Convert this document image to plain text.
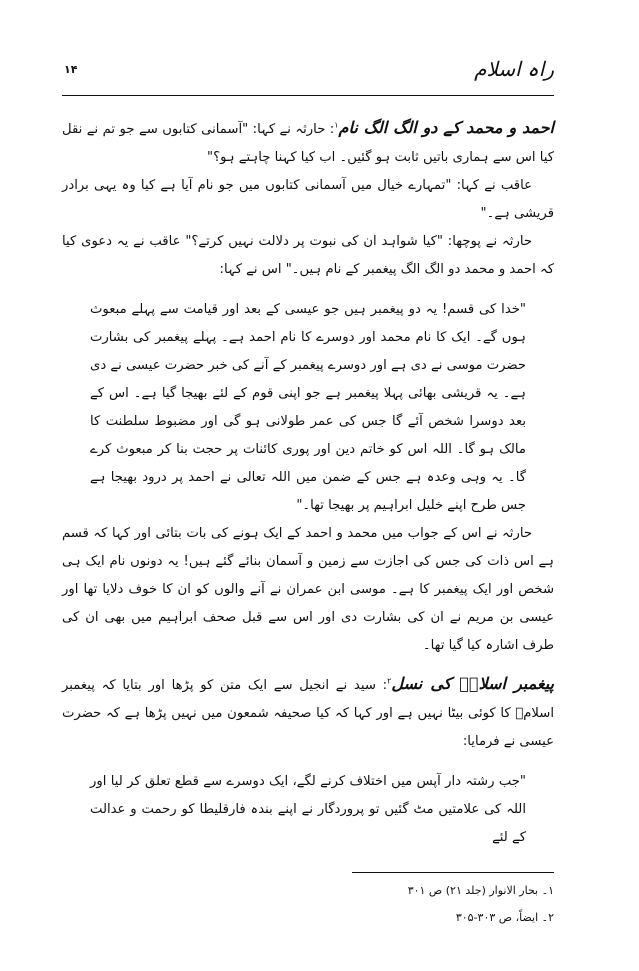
راہ اسلام
۱۴

احمد و محمد کے دو الگ الگ نام$^۱$: حارثہ نے کہا: "آسمانی کتابوں سے جو تم نے نقل کیا اس سے ہماری باتیں ثابت ہو گئیں۔ اب کیا کہنا چاہتے ہو؟"

عاقب نے کہا: "تمہارے خیال میں آسمانی کتابوں میں جو نام آیا ہے کیا وہ یہی برادر قریشی ہے۔"

حارثہ نے پوچھا: "کیا شواہد ان کی نبوت پر دلالت نہیں کرتے؟" عاقب نے یہ دعوی کیا کہ احمد و محمد دو الگ الگ پیغمبر کے نام ہیں۔" اس نے کہا:

"خدا کی قسم! یہ دو پیغمبر ہیں جو عیسی کے بعد اور قیامت سے پہلے مبعوث ہوں گے۔ ایک کا نام محمد اور دوسرے کا نام احمد ہے۔ پہلے پیغمبر کی بشارت حضرت موسی نے دی ہے اور دوسرے پیغمبر کے آنے کی خبر حضرت عیسی نے دی ہے۔ یہ قریشی بھائی پہلا پیغمبر ہے جو اپنی قوم کے لئے بھیجا گیا ہے۔ اس کے بعد دوسرا شخص آئے گا جس کی عمر طولانی ہو گی اور مضبوط سلطنت کا مالک ہو گا۔ اللہ اس کو خاتم دین اور پوری کائنات پر حجت بنا کر مبعوث کرے گا۔ یہ وہی وعدہ ہے جس کے ضمن میں اللہ تعالی نے احمد پر درود بھیجا ہے جس طرح اپنے خلیل ابراہیم پر بھیجا تھا۔"

حارثہ نے اس کے جواب میں محمد و احمد کے ایک ہونے کی بات بتائی اور کہا کہ قسم ہے اس ذات کی جس کی اجازت سے زمین و آسمان بنائے گئے ہیں! یہ دونوں نام ایک ہی شخص اور ایک پیغمبر کا ہے۔ موسی ابن عمران نے آنے والوں کو ان کا خوف دلایا تھا اور عیسی بن مریم نے ان کی بشارت دی اور اس سے قبل صحف ابراہیم میں بھی ان کی طرف اشارہ کیا گیا تھا۔

پیغمبر اسلامؐ کی نسل$^۲$: سید نے انجیل سے ایک متن کو پڑھا اور بتایا کہ پیغمبر اسلامؐ کا کوئی بیٹا نہیں ہے اور کہا کہ کیا صحیفہ شمعون میں نہیں پڑھا ہے کہ حضرت عیسی نے فرمایا:

"جب رشتہ دار آپس میں اختلاف کرنے لگے، ایک دوسرے سے قطع تعلق کر لیا اور اللہ کی علامتیں مٹ گئیں تو پروردگار نے اپنے بندہ فارقلیطا کو رحمت و عدالت کے لئے

۱۔ بحار الانوار (جلد ۲۱) ص ۳۰۱
۲۔ ایضاً، ص ۳۰۳-۳۰۵
